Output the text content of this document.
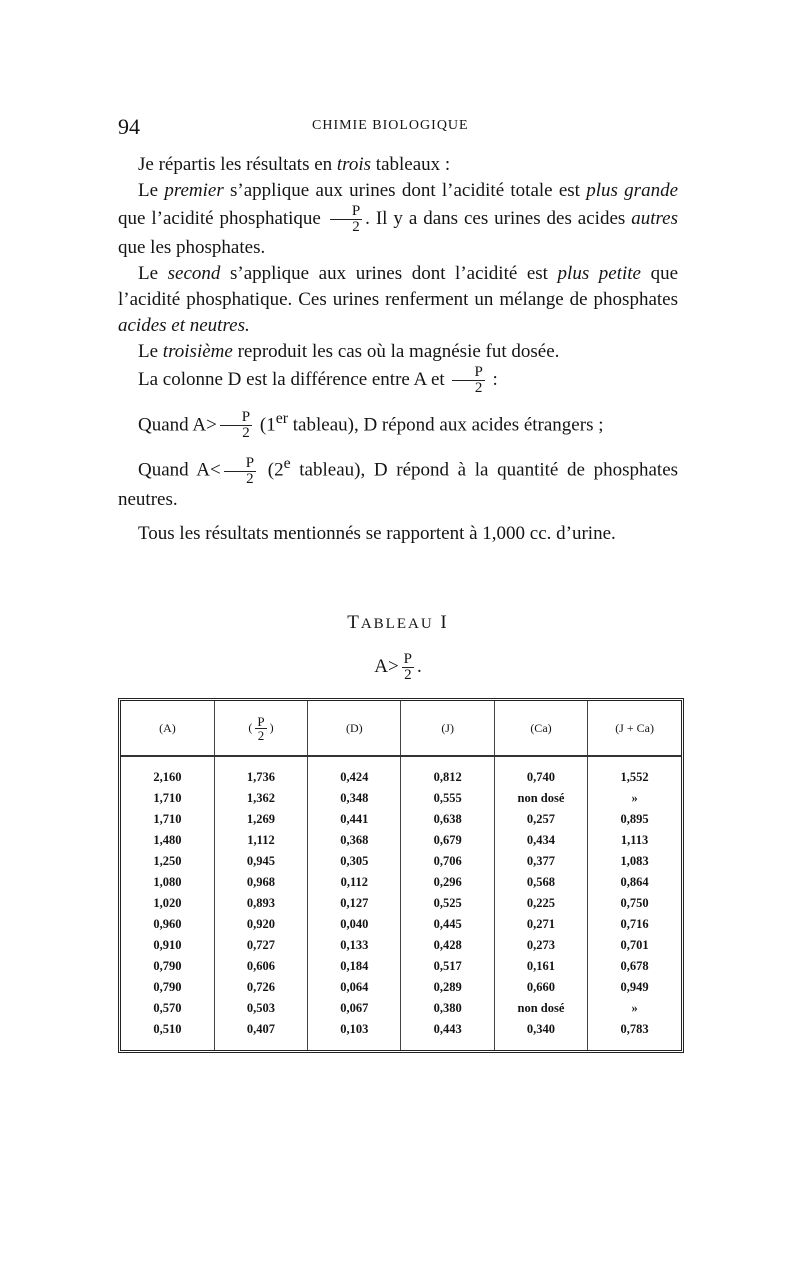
94	CHIMIE BIOLOGIQUE

Je répartis les résultats en trois tableaux :

Le premier s’applique aux urines dont l’acidité totale est plus grande que l’acidité phosphatique $\frac{P}{2}$ . Il y a dans ces urines des acides autres que les phosphates.

Le second s’applique aux urines dont l’acidité est plus petite que l’acidité phosphatique. Ces urines renferment un mélange de phosphates acides et neutres.

Le troisième reproduit les cas où la magnésie fut dosée.

La colonne D est la différence entre A et $\frac{P}{2}$ :

Quand $A> \frac{P}{2} (1er$ tableau), D répond aux acides étrangers ;

Quand $A< \frac{P}{2} (2e$ tableau), D répond à la quantité de phosphates neutres.

Tous les résultats mentionnés se rapportent à 1,000 cc. d’urine.

TABLEAU I
$A> \frac{P}{2}$ .
(A)	( $\frac{P}{2}$ )	(D)	(J)	(Ca)	(J + Ca)
2,160	1,736	0,424	0,812	0,740	1,552
1,710	1,362	0,348	0,555	non dosé	»
1,710	1,269	0,441	0,638	0,257	0,895
1,480	1,112	0,368	0,679	0,434	1,113
1,250	0,945	0,305	0,706	0,377	1,083
1,080	0,968	0,112	0,296	0,568	0,864
1,020	0,893	0,127	0,525	0,225	0,750
0,960	0,920	0,040	0,445	0,271	0,716
0,910	0,727	0,133	0,428	0,273	0,701
0,790	0,606	0,184	0,517	0,161	0,678
0,790	0,726	0,064	0,289	0,660	0,949
0,570	0,503	0,067	0,380	non dosé	»
0,510	0,407	0,103	0,443	0,340	0,783
